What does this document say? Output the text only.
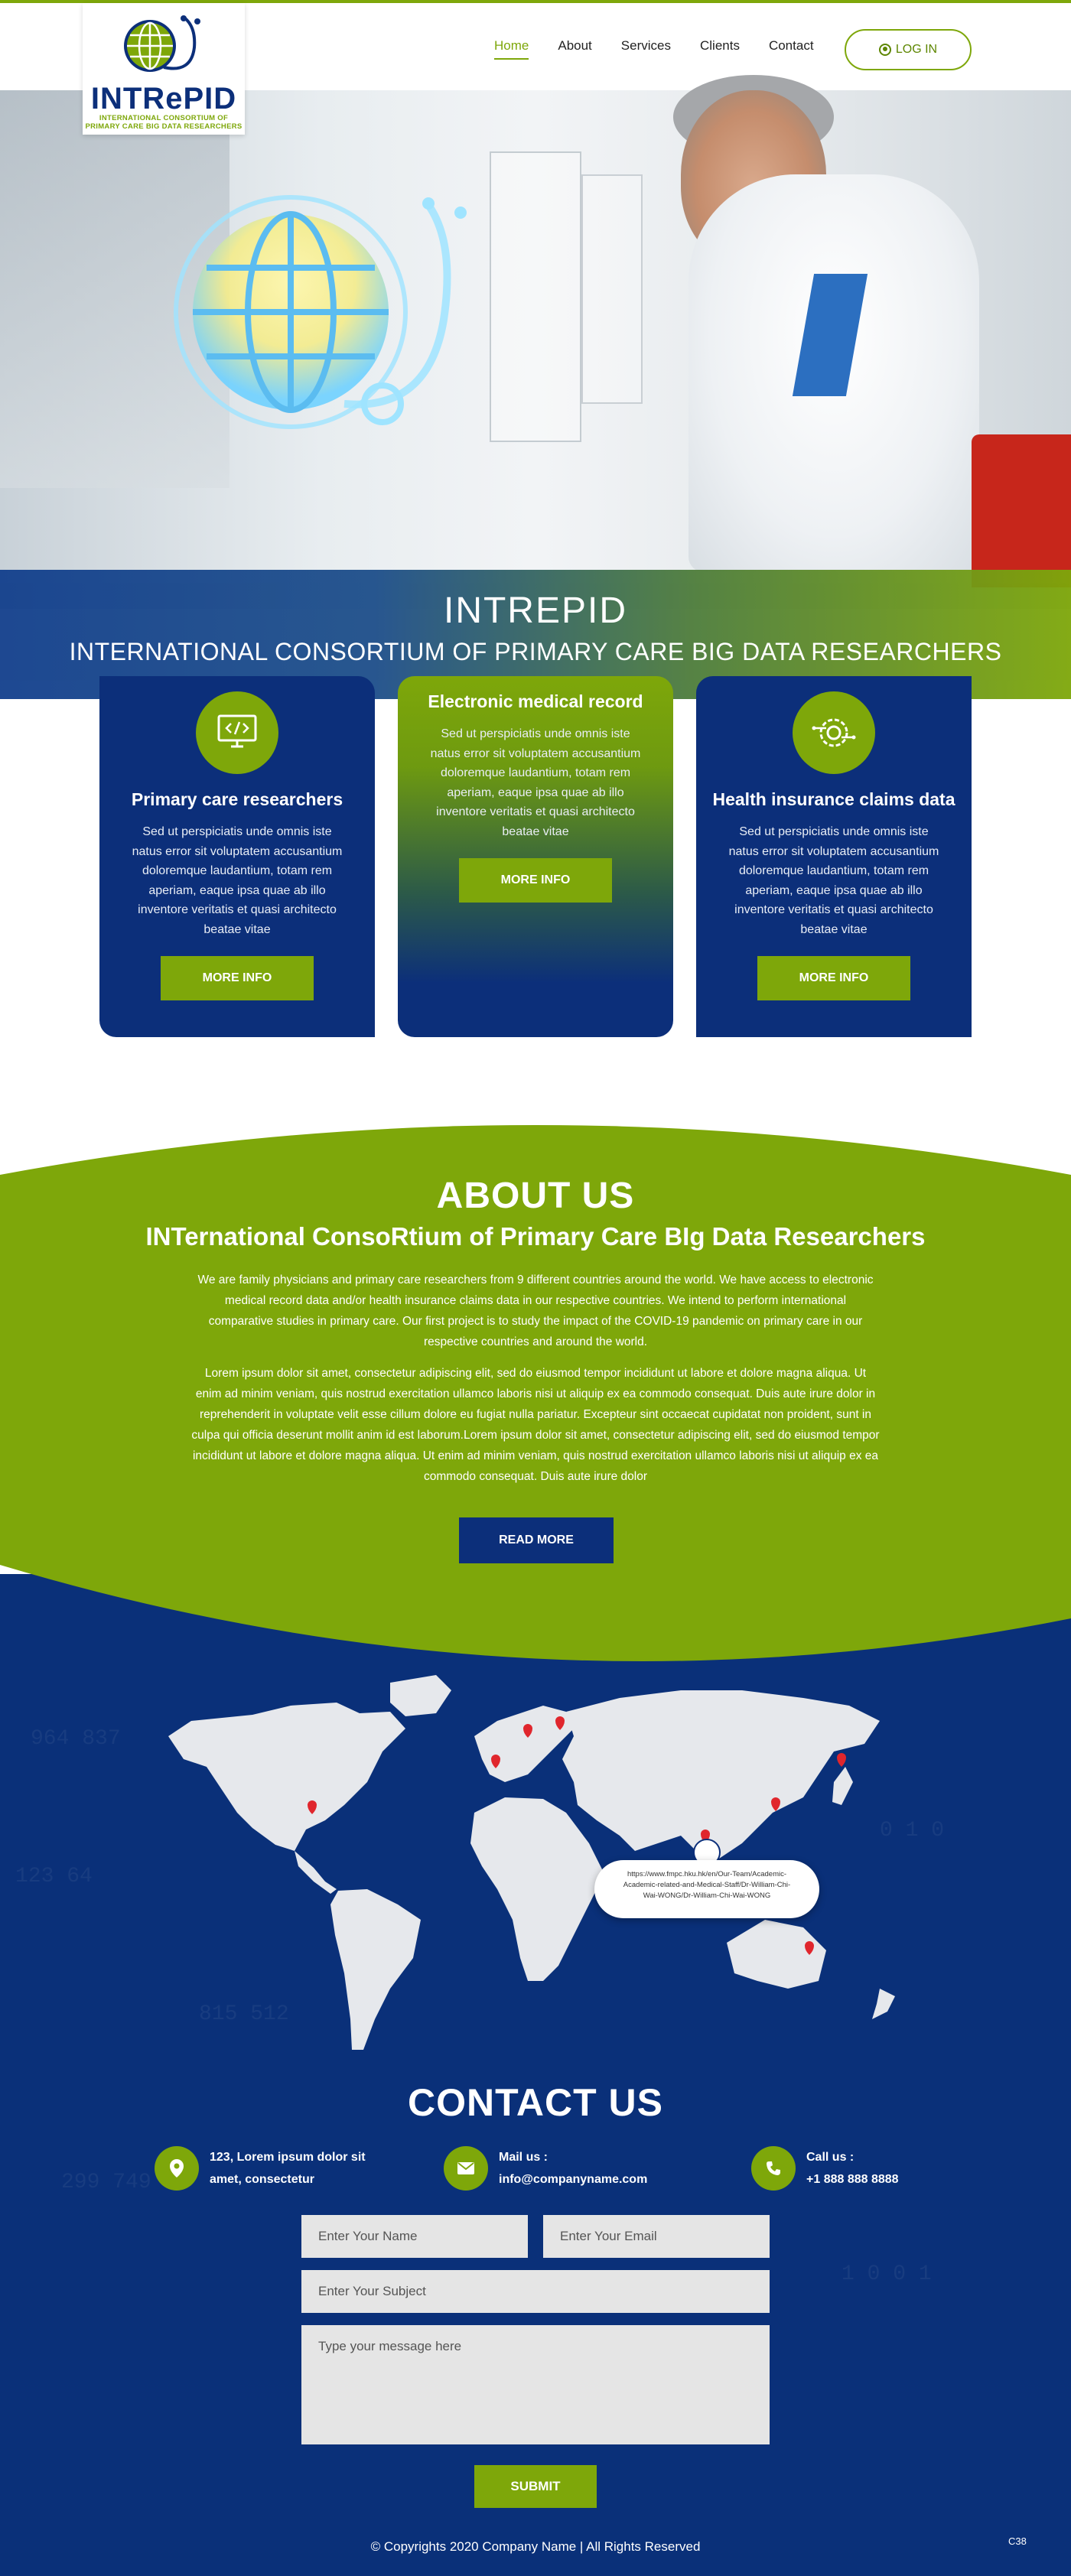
Home About Services Clients Contact	LOG IN
INTRePID
INTERNATIONAL CONSORTIUM OF
PRIMARY CARE BIG DATA RESEARCHERS
INTREPID
INTERNATIONAL CONSORTIUM OF PRIMARY CARE BIG DATA RESEARCHERS
Primary care researchers

Sed ut perspiciatis unde omnis iste natus error sit voluptatem accusantium doloremque laudantium, totam rem aperiam, eaque ipsa quae ab illo inventore veritatis et quasi architecto beatae vitae

MORE INFO
Electronic medical record

Sed ut perspiciatis unde omnis iste natus error sit voluptatem accusantium doloremque laudantium, totam rem aperiam, eaque ipsa quae ab illo inventore veritatis et quasi architecto beatae vitae

MORE INFO
Health insurance claims data

Sed ut perspiciatis unde omnis iste natus error sit voluptatem accusantium doloremque laudantium, totam rem aperiam, eaque ipsa quae ab illo inventore veritatis et quasi architecto beatae vitae

MORE INFO
964 837
123 64
815 512
299 749
0 1 0
1 0 0 1
ABOUT US
INTernational ConsoRtium of Primary Care BIg Data Researchers
We are family physicians and primary care researchers from 9 different countries around the world. We have access to electronic medical record data and/or health insurance claims data in our respective countries. We intend to perform international comparative studies in primary care. Our first project is to study the impact of the COVID-19 pandemic on primary care in our respective countries and around the world.
Lorem ipsum dolor sit amet, consectetur adipiscing elit, sed do eiusmod tempor incididunt ut labore et dolore magna aliqua. Ut enim ad minim veniam, quis nostrud exercitation ullamco laboris nisi ut aliquip ex ea commodo consequat. Duis aute irure dolor in reprehenderit in voluptate velit esse cillum dolore eu fugiat nulla pariatur. Excepteur sint occaecat cupidatat non proident, sunt in culpa qui officia deserunt mollit anim id est laborum.Lorem ipsum dolor sit amet, consectetur adipiscing elit, sed do eiusmod tempor incididunt ut labore et dolore magna aliqua. Ut enim ad minim veniam, quis nostrud exercitation ullamco laboris nisi ut aliquip ex ea commodo consequat. Duis aute irure dolor
READ MORE
https://www.fmpc.hku.hk/en/Our-Team/Academic-Academic-related-and-Medical-Staff/Dr-William-Chi-Wai-WONG/Dr-William-Chi-Wai-WONG
CONTACT US
123, Lorem ipsum dolor sit amet, consectetur
Mail us :
info@companyname.com
Call us :
+1 888 888 8888
Enter Your Name	Enter Your Email
Enter Your Subject
Type your message here
SUBMIT
© Copyrights 2020 Company Name | All Rights Reserved	C38
